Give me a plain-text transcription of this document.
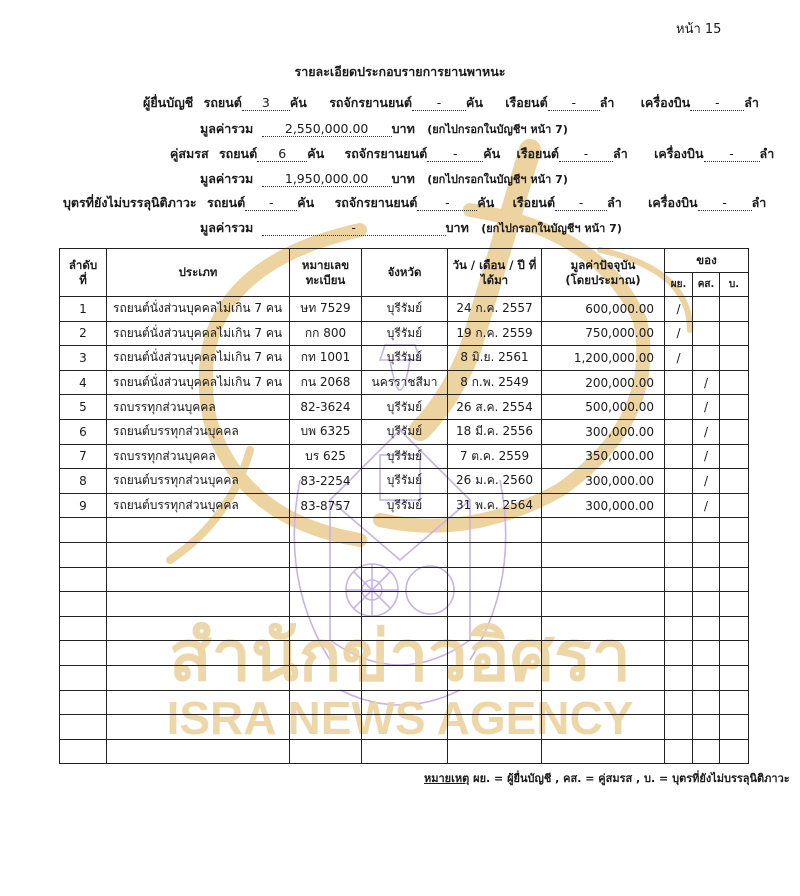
สำนักข่าวอิศรา
ISRA NEWS AGENCY
หน้า 15
รายละเอียดประกอบรายการยานพาหนะ
ผู้ยื่นบัญชี รถยนต์ 3 คัน รถจักรยานยนต์ - คัน เรือยนต์ - ลำ เครื่องบิน - ลำ
มูลค่ารวม	2,550,000.00 บาท (ยกไปกรอกในบัญชีฯ หน้า 7)
คู่สมรส รถยนต์ 6 คัน รถจักรยานยนต์ - คัน เรือยนต์ - ลำ เครื่องบิน - ลำ
มูลค่ารวม	1,950,000.00 บาท (ยกไปกรอกในบัญชีฯ หน้า 7)
บุตรที่ยังไม่บรรลุนิติภาวะ รถยนต์ - คัน รถจักรยานยนต์ - คัน เรือยนต์ - ลำ เครื่องบิน - ลำ
มูลค่ารวม	-	บาท (ยกไปกรอกในบัญชีฯ หน้า 7)
ลำดับ ที่	ประเภท	หมายเลข ทะเบียน	จังหวัด	วัน / เดือน / ปี ที่ได้มา	มูลค่าปัจจุบัน (โดยประมาณ)	ของ		
						ผย.	คส.	บ.
1	รถยนต์นั่งส่วนบุคคลไม่เกิน 7 คน	ษท 7529	บุรีรัมย์	24 ก.ค. 2557	600,000.00	/		
2	รถยนต์นั่งส่วนบุคคลไม่เกิน 7 คน	กก 800	บุรีรัมย์	19 ก.ค. 2559	750,000.00	/		
3	รถยนต์นั่งส่วนบุคคลไม่เกิน 7 คน	กท 1001	บุรีรัมย์	8 มิ.ย. 2561	1,200,000.00	/		
4	รถยนต์นั่งส่วนบุคคลไม่เกิน 7 คน	กน 2068	นครราชสีมา	8 ก.พ. 2549	200,000.00		/	
5	รถบรรทุกส่วนบุคคล	82-3624	บุรีรัมย์	26 ส.ค. 2554	500,000.00		/	
6	รถยนต์บรรทุกส่วนบุคคล	บพ 6325	บุรีรัมย์	18 มี.ค. 2556	300,000.00		/	
7	รถบรรทุกส่วนบุคคล	บร 625	บุรีรัมย์	7 ต.ค. 2559	350,000.00		/	
8	รถยนต์บรรทุกส่วนบุคคล	83-2254	บุรีรัมย์	26 ม.ค. 2560	300,000.00		/	
9	รถยนต์บรรทุกส่วนบุคคล	83-8757	บุรีรัมย์	31 พ.ค. 2564	300,000.00		/	

หมายเหตุ ผย. = ผู้ยื่นบัญชี , คส. = คู่สมรส , บ. = บุตรที่ยังไม่บรรลุนิติภาวะ
